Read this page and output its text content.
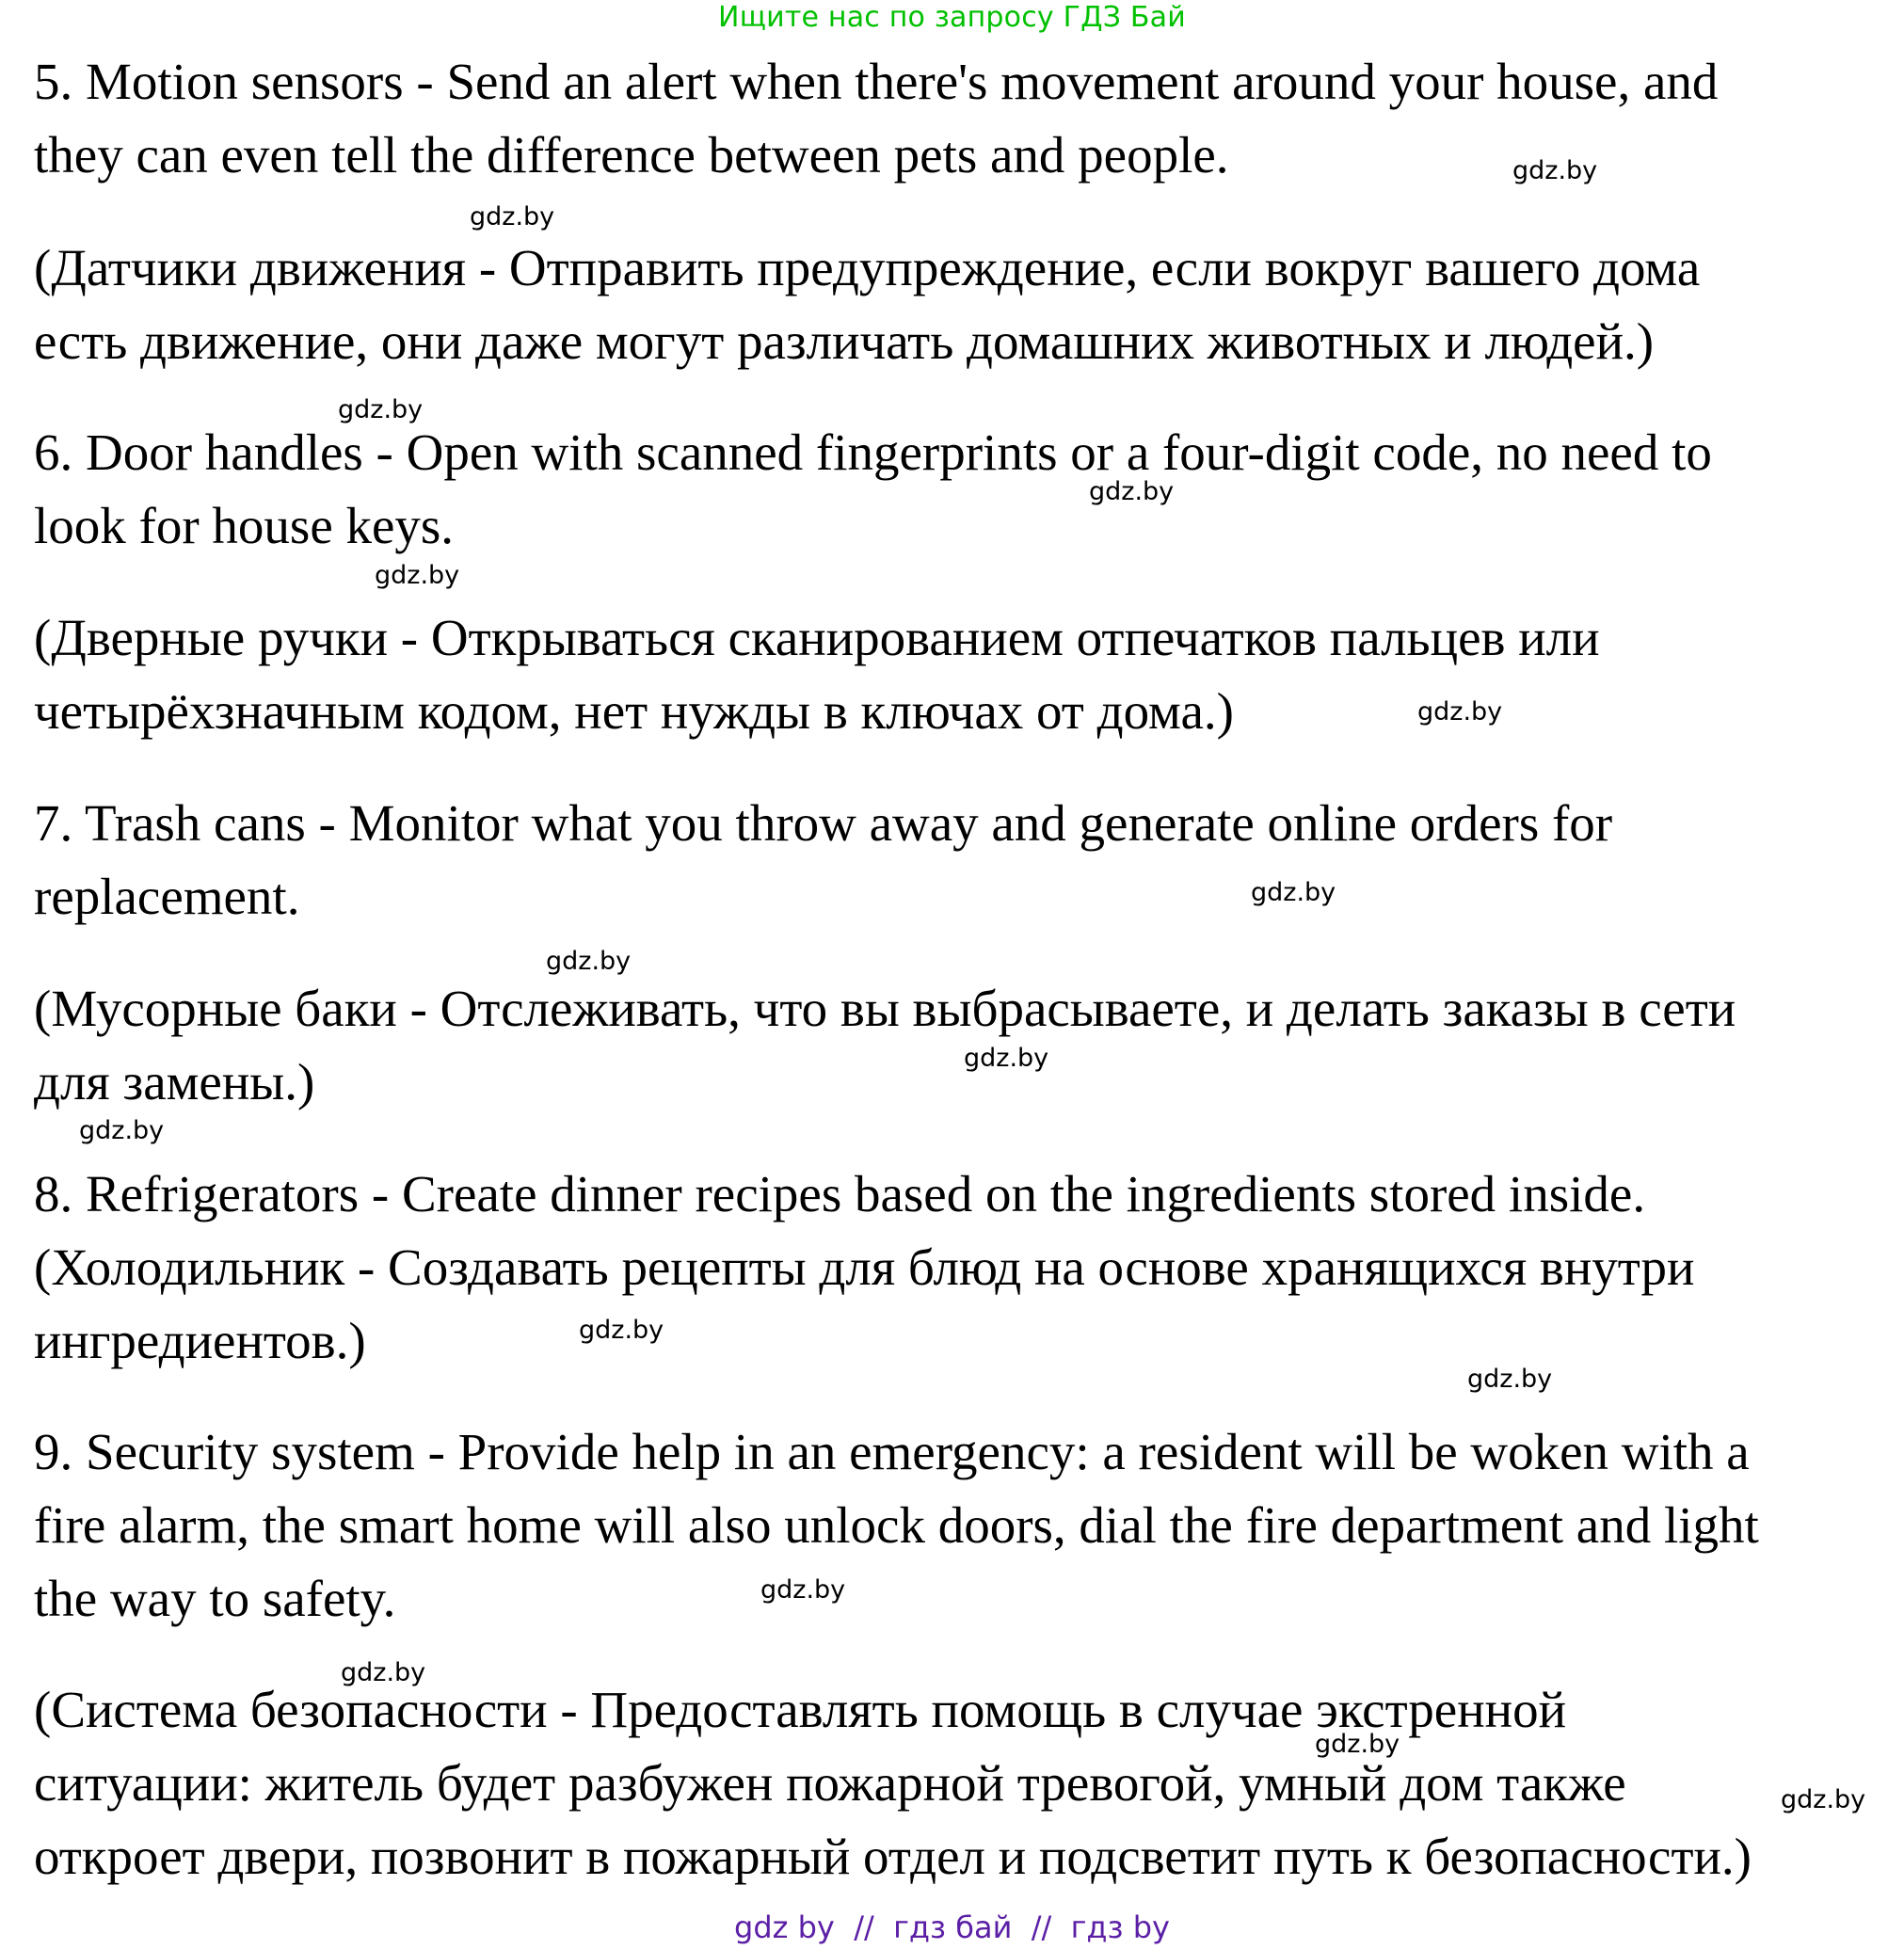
Ищите нас по запросу ГДЗ Бай
5. Motion sensors - Send an alert when there's movement around your house, and
they can even tell the difference between pets and people.
(Датчики движения - Отправить предупреждение, если вокруг вашего дома
есть движение, они даже могут различать домашних животных и людей.)
6. Door handles - Open with scanned fingerprints or a four-digit code, no need to
look for house keys.
(Дверные ручки - Открываться сканированием отпечатков пальцев или
четырёхзначным кодом, нет нужды в ключах от дома.)
7. Trash cans - Monitor what you throw away and generate online orders for
replacement.
(Мусорные баки - Отслеживать, что вы выбрасываете, и делать заказы в сети
для замены.)
8. Refrigerators - Create dinner recipes based on the ingredients stored inside.
(Холодильник - Создавать рецепты для блюд на основе хранящихся внутри
ингредиентов.)
9. Security system - Provide help in an emergency: a resident will be woken with a
fire alarm, the smart home will also unlock doors, dial the fire department and light
the way to safety.
(Система безопасности - Предоставлять помощь в случае экстренной
ситуации: житель будет разбужен пожарной тревогой, умный дом также
откроет двери, позвонит в пожарный отдел и подсветит путь к безопасности.)
gdz.by
gdz.by
gdz.by
gdz.by
gdz.by
gdz.by
gdz.by
gdz.by
gdz.by
gdz.by
gdz.by
gdz.by
gdz.by
gdz.by
gdz.by
gdz.by
gdz by  //  гдз бай  //  гдз by
